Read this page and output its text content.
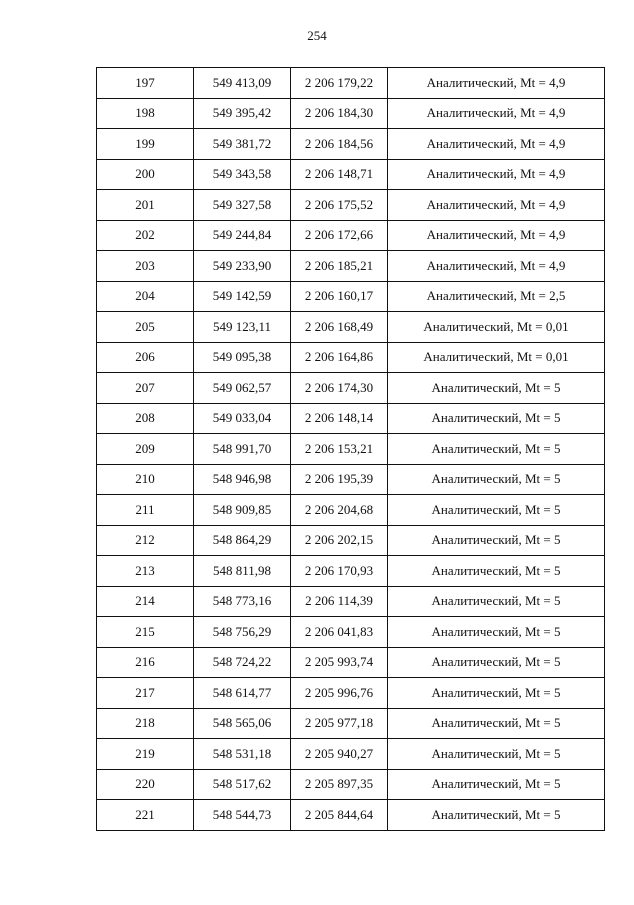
254
197	549 413,09	2 206 179,22	Аналитический, Mt = 4,9
198	549 395,42	2 206 184,30	Аналитический, Mt = 4,9
199	549 381,72	2 206 184,56	Аналитический, Mt = 4,9
200	549 343,58	2 206 148,71	Аналитический, Mt = 4,9
201	549 327,58	2 206 175,52	Аналитический, Mt = 4,9
202	549 244,84	2 206 172,66	Аналитический, Mt = 4,9
203	549 233,90	2 206 185,21	Аналитический, Mt = 4,9
204	549 142,59	2 206 160,17	Аналитический, Mt = 2,5
205	549 123,11	2 206 168,49	Аналитический, Mt = 0,01
206	549 095,38	2 206 164,86	Аналитический, Mt = 0,01
207	549 062,57	2 206 174,30	Аналитический, Mt = 5
208	549 033,04	2 206 148,14	Аналитический, Mt = 5
209	548 991,70	2 206 153,21	Аналитический, Mt = 5
210	548 946,98	2 206 195,39	Аналитический, Mt = 5
211	548 909,85	2 206 204,68	Аналитический, Mt = 5
212	548 864,29	2 206 202,15	Аналитический, Mt = 5
213	548 811,98	2 206 170,93	Аналитический, Mt = 5
214	548 773,16	2 206 114,39	Аналитический, Mt = 5
215	548 756,29	2 206 041,83	Аналитический, Mt = 5
216	548 724,22	2 205 993,74	Аналитический, Mt = 5
217	548 614,77	2 205 996,76	Аналитический, Mt = 5
218	548 565,06	2 205 977,18	Аналитический, Mt = 5
219	548 531,18	2 205 940,27	Аналитический, Mt = 5
220	548 517,62	2 205 897,35	Аналитический, Mt = 5
221	548 544,73	2 205 844,64	Аналитический, Mt = 5
